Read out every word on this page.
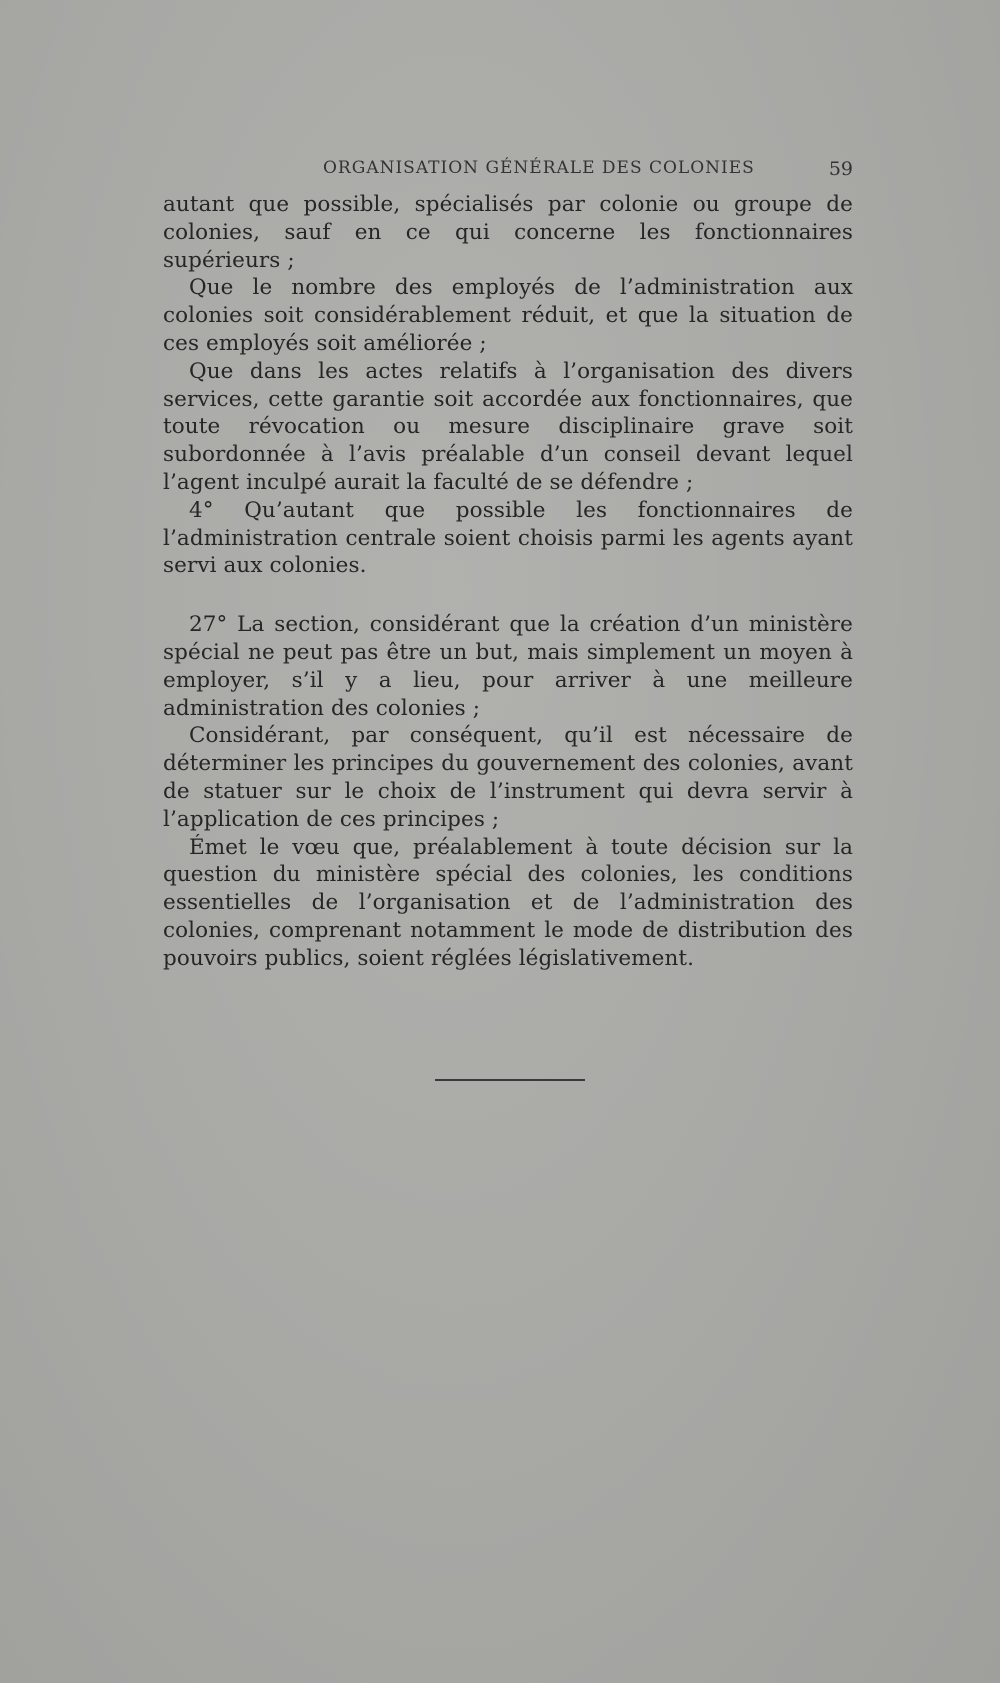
ORGANISATION GÉNÉRALE DES COLONIES	59

autant que possible, spécialisés par colonie ou groupe de colonies, sauf en ce qui concerne les fonctionnaires supérieurs ;

Que le nombre des employés de l’administration aux colonies soit considérablement réduit, et que la situation de ces employés soit améliorée ;

Que dans les actes relatifs à l’organisation des divers services, cette garantie soit accordée aux fonctionnaires, que toute révocation ou mesure disciplinaire grave soit subordonnée à l’avis préalable d’un conseil devant lequel l’agent inculpé aurait la faculté de se défendre ;

4° Qu’autant que possible les fonctionnaires de l’administration centrale soient choisis parmi les agents ayant servi aux colonies.

27° La section, considérant que la création d’un ministère spécial ne peut pas être un but, mais simplement un moyen à employer, s’il y a lieu, pour arriver à une meilleure administration des colonies ;

Considérant, par conséquent, qu’il est nécessaire de déterminer les principes du gouvernement des colonies, avant de statuer sur le choix de l’instrument qui devra servir à l’application de ces principes ;

Émet le vœu que, préalablement à toute décision sur la question du ministère spécial des colonies, les conditions essentielles de l’organisation et de l’administration des colonies, comprenant notamment le mode de distribution des pouvoirs publics, soient réglées législativement.
